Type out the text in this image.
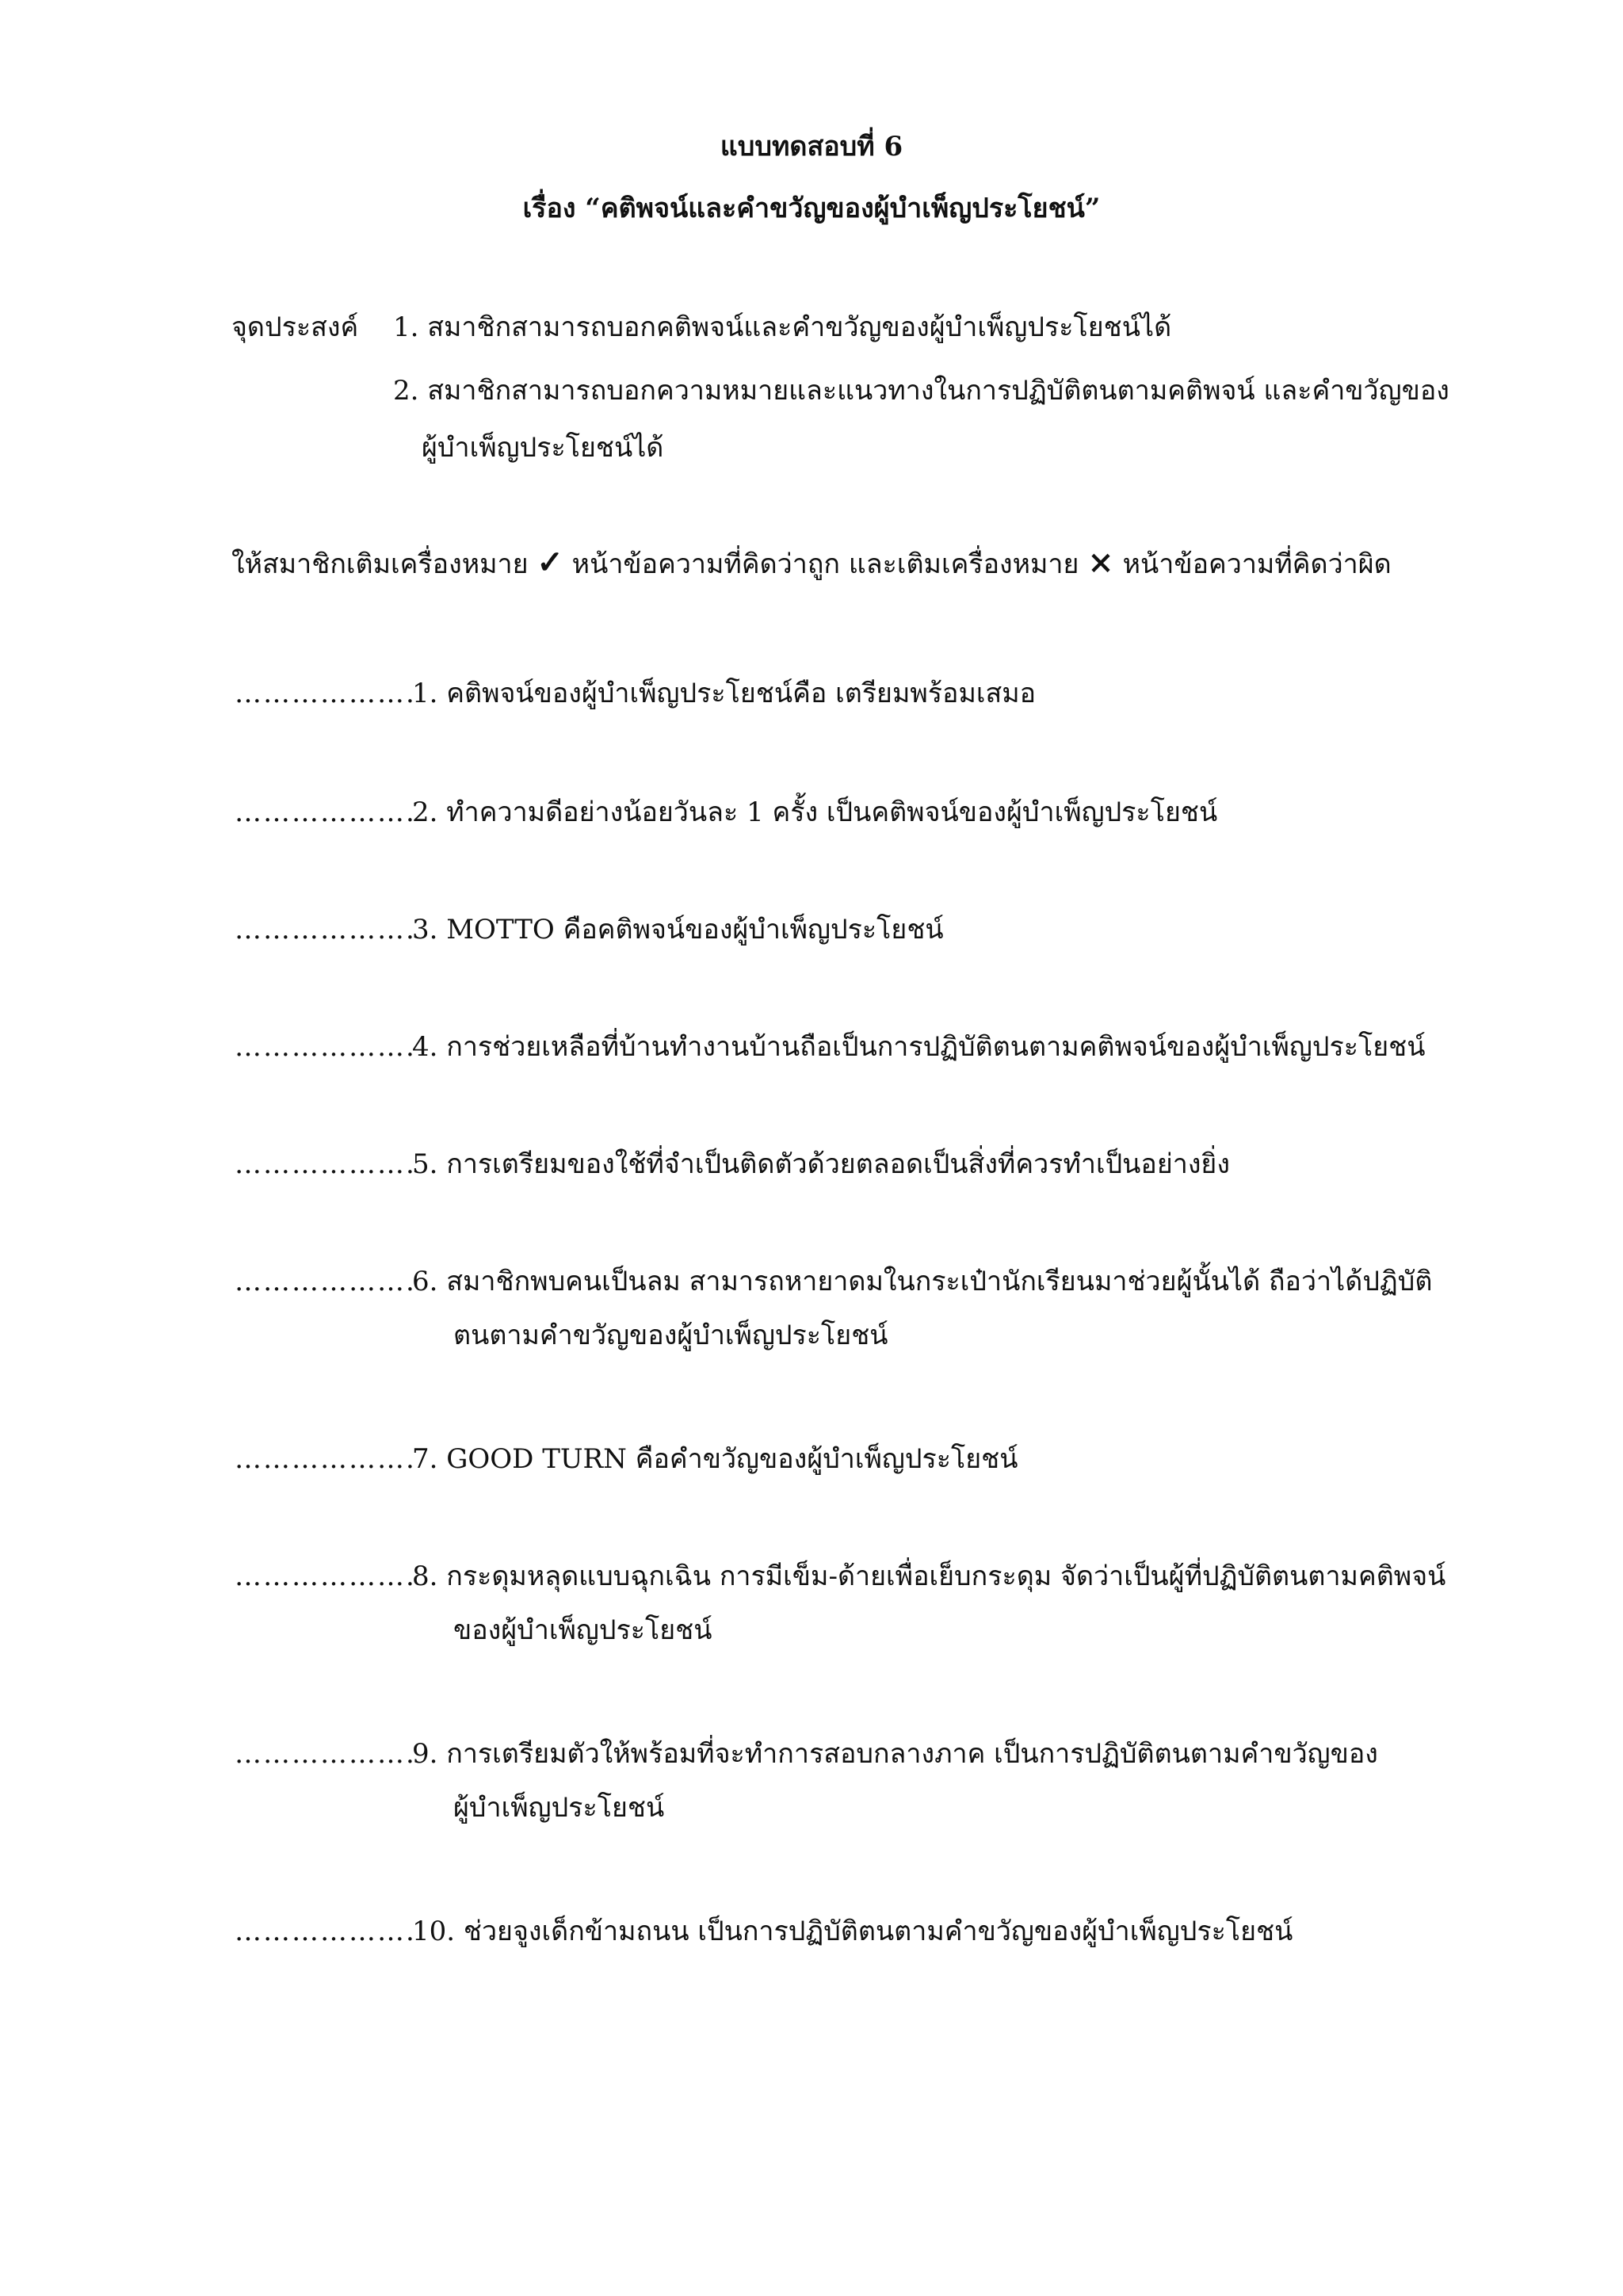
แบบทดสอบที่ 6
เรื่อง “คติพจน์และคำขวัญของผู้บำเพ็ญประโยชน์”
จุดประสงค์ 1. สมาชิกสามารถบอกคติพจน์และคำขวัญของผู้บำเพ็ญประโยชน์ได้
2. สมาชิกสามารถบอกความหมายและแนวทางในการปฏิบัติตนตามคติพจน์ และคำขวัญของ
ผู้บำเพ็ญประโยชน์ได้
ให้สมาชิกเติมเครื่องหมาย ✓ หน้าข้อความที่คิดว่าถูก และเติมเครื่องหมาย × หน้าข้อความที่คิดว่าผิด
……………….
1. คติพจน์ของผู้บำเพ็ญประโยชน์คือ เตรียมพร้อมเสมอ
……………….
2. ทำความดีอย่างน้อยวันละ 1 ครั้ง เป็นคติพจน์ของผู้บำเพ็ญประโยชน์
……………….
3. MOTTO คือคติพจน์ของผู้บำเพ็ญประโยชน์
……………….
4. การช่วยเหลือที่บ้านทำงานบ้านถือเป็นการปฏิบัติตนตามคติพจน์ของผู้บำเพ็ญประโยชน์
……………….
5. การเตรียมของใช้ที่จำเป็นติดตัวด้วยตลอดเป็นสิ่งที่ควรทำเป็นอย่างยิ่ง
……………….
6. สมาชิกพบคนเป็นลม สามารถหายาดมในกระเป๋านักเรียนมาช่วยผู้นั้นได้ ถือว่าได้ปฏิบัติ
ตนตามคำขวัญของผู้บำเพ็ญประโยชน์
……………….
7. GOOD TURN คือคำขวัญของผู้บำเพ็ญประโยชน์
……………….
8. กระดุมหลุดแบบฉุกเฉิน การมีเข็ม-ด้ายเพื่อเย็บกระดุม จัดว่าเป็นผู้ที่ปฏิบัติตนตามคติพจน์
ของผู้บำเพ็ญประโยชน์
……………….
9. การเตรียมตัวให้พร้อมที่จะทำการสอบกลางภาค เป็นการปฏิบัติตนตามคำขวัญของ
ผู้บำเพ็ญประโยชน์
……………….
10. ช่วยจูงเด็กข้ามถนน เป็นการปฏิบัติตนตามคำขวัญของผู้บำเพ็ญประโยชน์
